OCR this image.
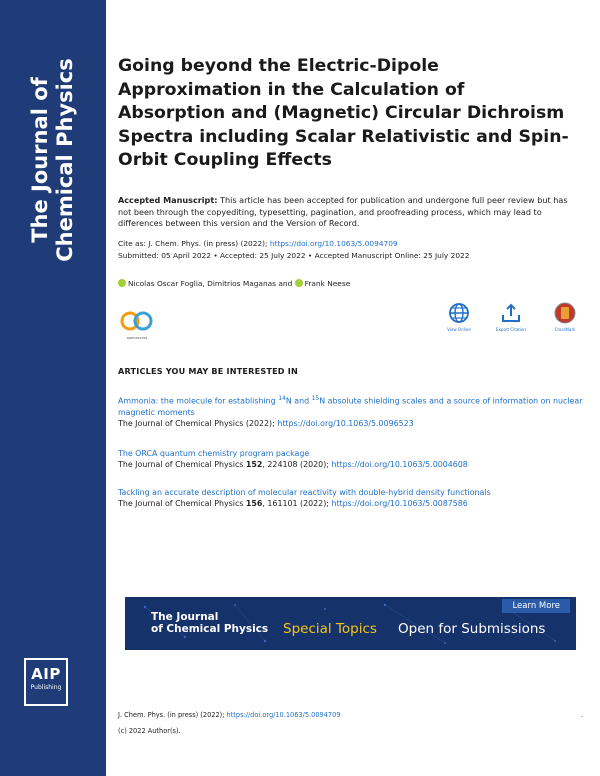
The Journal of Chemical Physics
AIP
Publishing
Going beyond the Electric-Dipole Approximation in the Calculation of Absorption and (Magnetic) Circular Dichroism Spectra including Scalar Relativistic and Spin-Orbit Coupling Effects
Accepted Manuscript: This article has been accepted for publication and undergone full peer review but has not been through the copyediting, typesetting, pagination, and proofreading process, which may lead to differences between this version and the Version of Record.
Cite as: J. Chem. Phys. (in press) (2022); https://doi.org/10.1063/5.0094709
Submitted: 05 April 2022 • Accepted: 25 July 2022 • Accepted Manuscript Online: 25 July 2022
Nicolas Oscar Foglia, Dimitrios Maganas and Frank Neese
openaccess
View Online	Export Citation	CrossMark
ARTICLES YOU MAY BE INTERESTED IN
Ammonia: the molecule for establishing $^{14}$N and $^{15}$N absolute shielding scales and a source of information on nuclear magnetic moments
The Journal of Chemical Physics (2022); https://doi.org/10.1063/5.0096523
The ORCA quantum chemistry program package
The Journal of Chemical Physics 152, 224108 (2020); https://doi.org/10.1063/5.0004608
Tackling an accurate description of molecular reactivity with double-hybrid density functionals
The Journal of Chemical Physics 156, 161101 (2022); https://doi.org/10.1063/5.0087586
The Journal
of Chemical Physics Special Topics Open for Submissions
Learn More
J. Chem. Phys. (in press) (2022); https://doi.org/10.1063/5.0094709
(c) 2022 Author(s).
.
